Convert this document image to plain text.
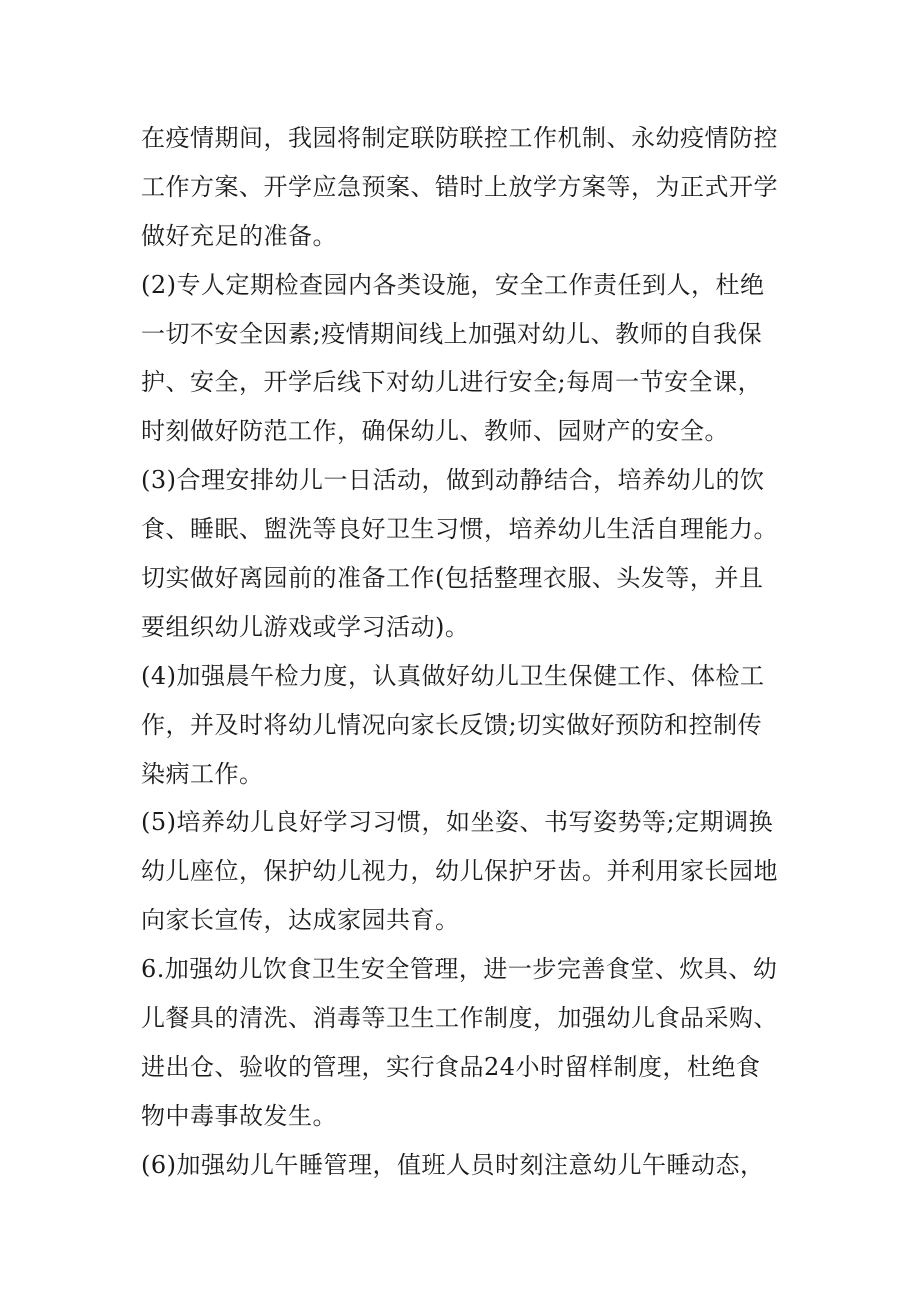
在疫情期间，我园将制定联防联控工作机制、永幼疫情防控
工作方案、开学应急预案、错时上放学方案等，为正式开学
做好充足的准备。
(2)专人定期检查园内各类设施，安全工作责任到人，杜绝
一切不安全因素;疫情期间线上加强对幼儿、教师的自我保
护、安全，开学后线下对幼儿进行安全;每周一节安全课，
时刻做好防范工作，确保幼儿、教师、园财产的安全。
(3)合理安排幼儿一日活动，做到动静结合，培养幼儿的饮
食、睡眠、盥洗等良好卫生习惯，培养幼儿生活自理能力。
切实做好离园前的准备工作(包括整理衣服、头发等，并且
要组织幼儿游戏或学习活动)。
(4)加强晨午检力度，认真做好幼儿卫生保健工作、体检工
作，并及时将幼儿情况向家长反馈;切实做好预防和控制传
染病工作。
(5)培养幼儿良好学习习惯，如坐姿、书写姿势等;定期调换
幼儿座位，保护幼儿视力，幼儿保护牙齿。并利用家长园地
向家长宣传，达成家园共育。
6.加强幼儿饮食卫生安全管理，进一步完善食堂、炊具、幼
儿餐具的清洗、消毒等卫生工作制度，加强幼儿食品采购、
进出仓、验收的管理，实行食品24小时留样制度，杜绝食
物中毒事故发生。
(6)加强幼儿午睡管理，值班人员时刻注意幼儿午睡动态，
